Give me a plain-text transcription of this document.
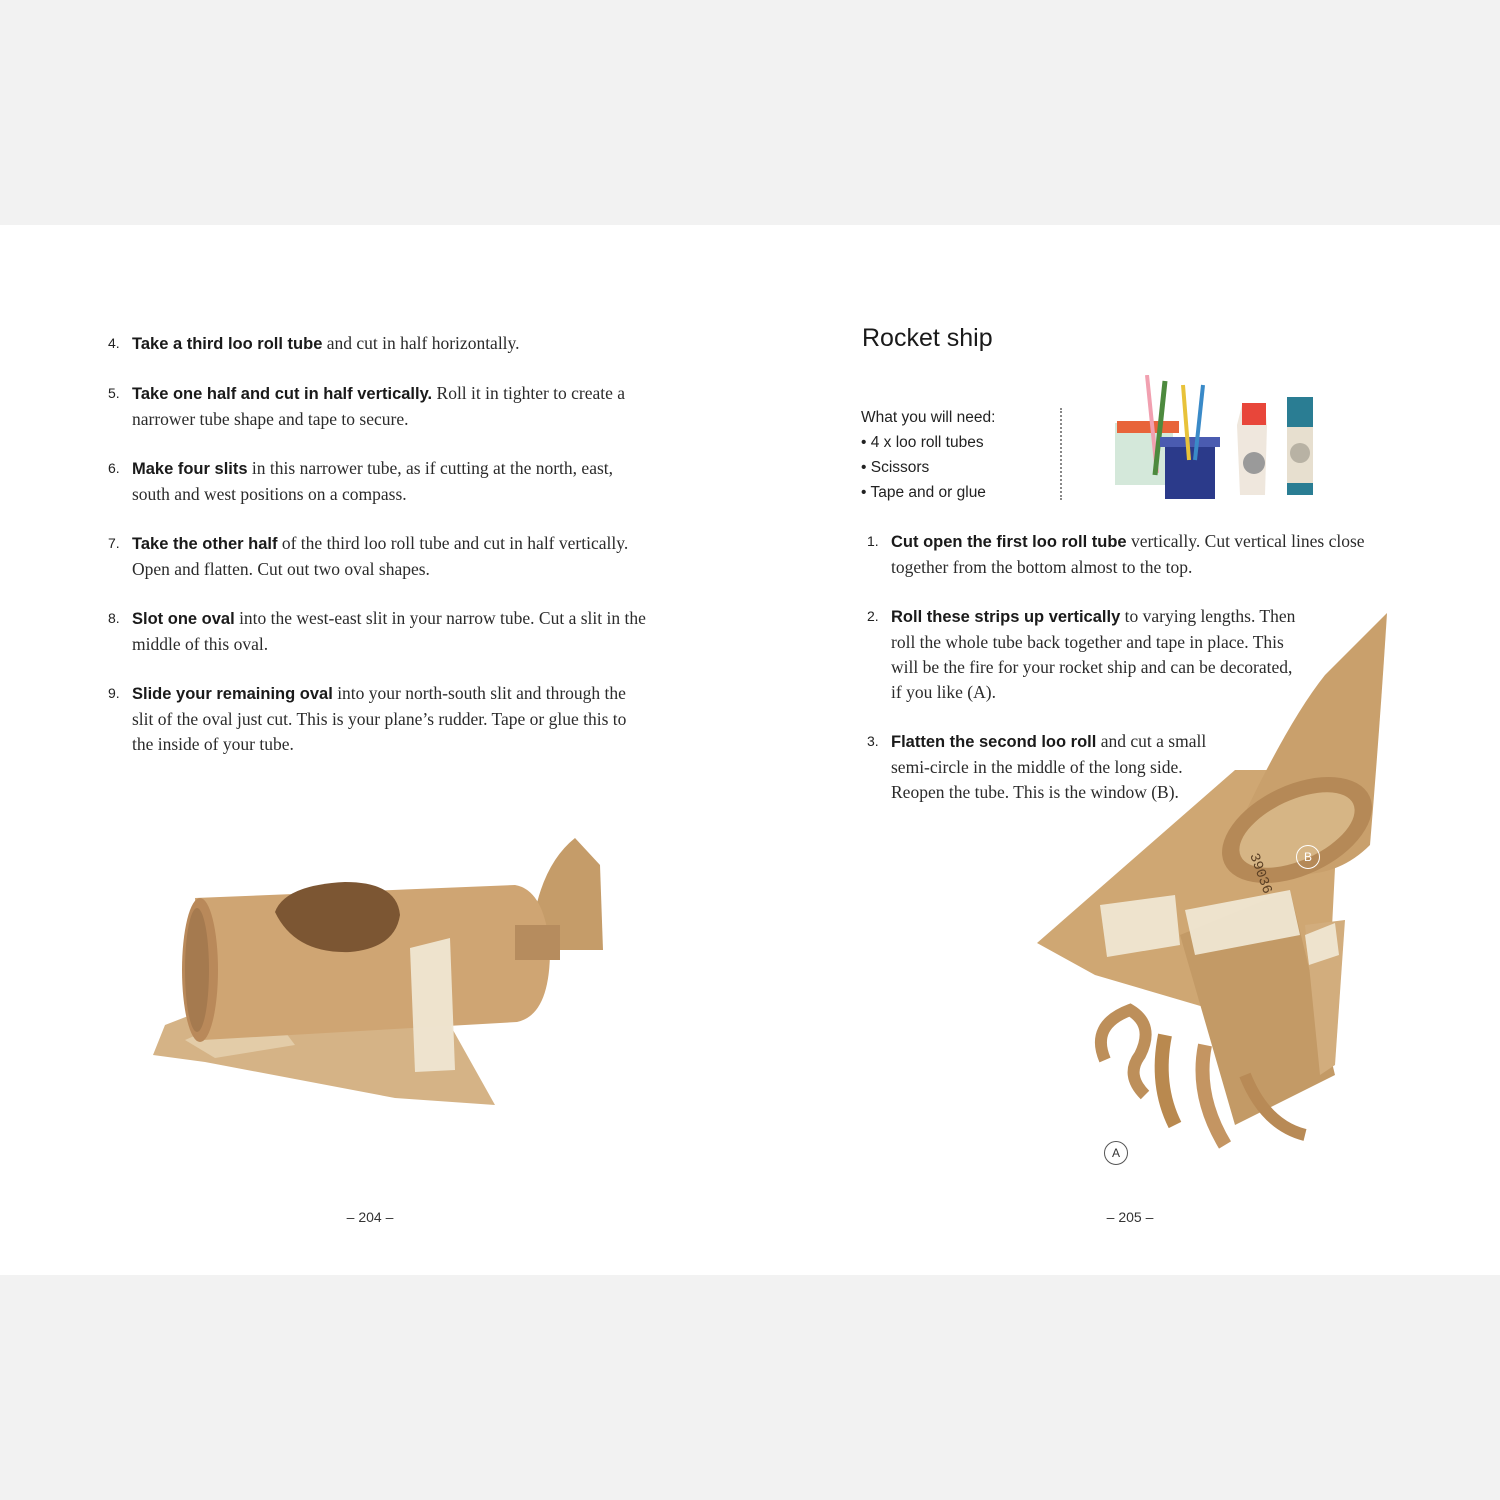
4. Take a third loo roll tube and cut in half horizontally.
5. Take one half and cut in half vertically. Roll it in tighter to create a narrower tube shape and tape to secure.
6. Make four slits in this narrower tube, as if cutting at the north, east, south and west positions on a compass.
7. Take the other half of the third loo roll tube and cut in half vertically. Open and flatten. Cut out two oval shapes.
8. Slot one oval into the west-east slit in your narrow tube. Cut a slit in the middle of this oval.
9. Slide your remaining oval into your north-south slit and through the slit of the oval just cut. This is your plane’s rudder. Tape or glue this to the inside of your tube.
– 204 –
Rocket ship
What you will need:
• 4 x loo roll tubes
• Scissors
• Tape and or glue
1. Cut open the first loo roll tube vertically. Cut vertical lines close together from the bottom almost to the top.
2. Roll these strips up vertically to varying lengths. Then roll the whole tube back together and tape in place. This will be the fire for your rocket ship and can be decorated, if you like (A).
3. Flatten the second loo roll and cut a small semi-circle in the middle of the long side. Reopen the tube. This is the window (B).
39036
A
B
– 205 –
